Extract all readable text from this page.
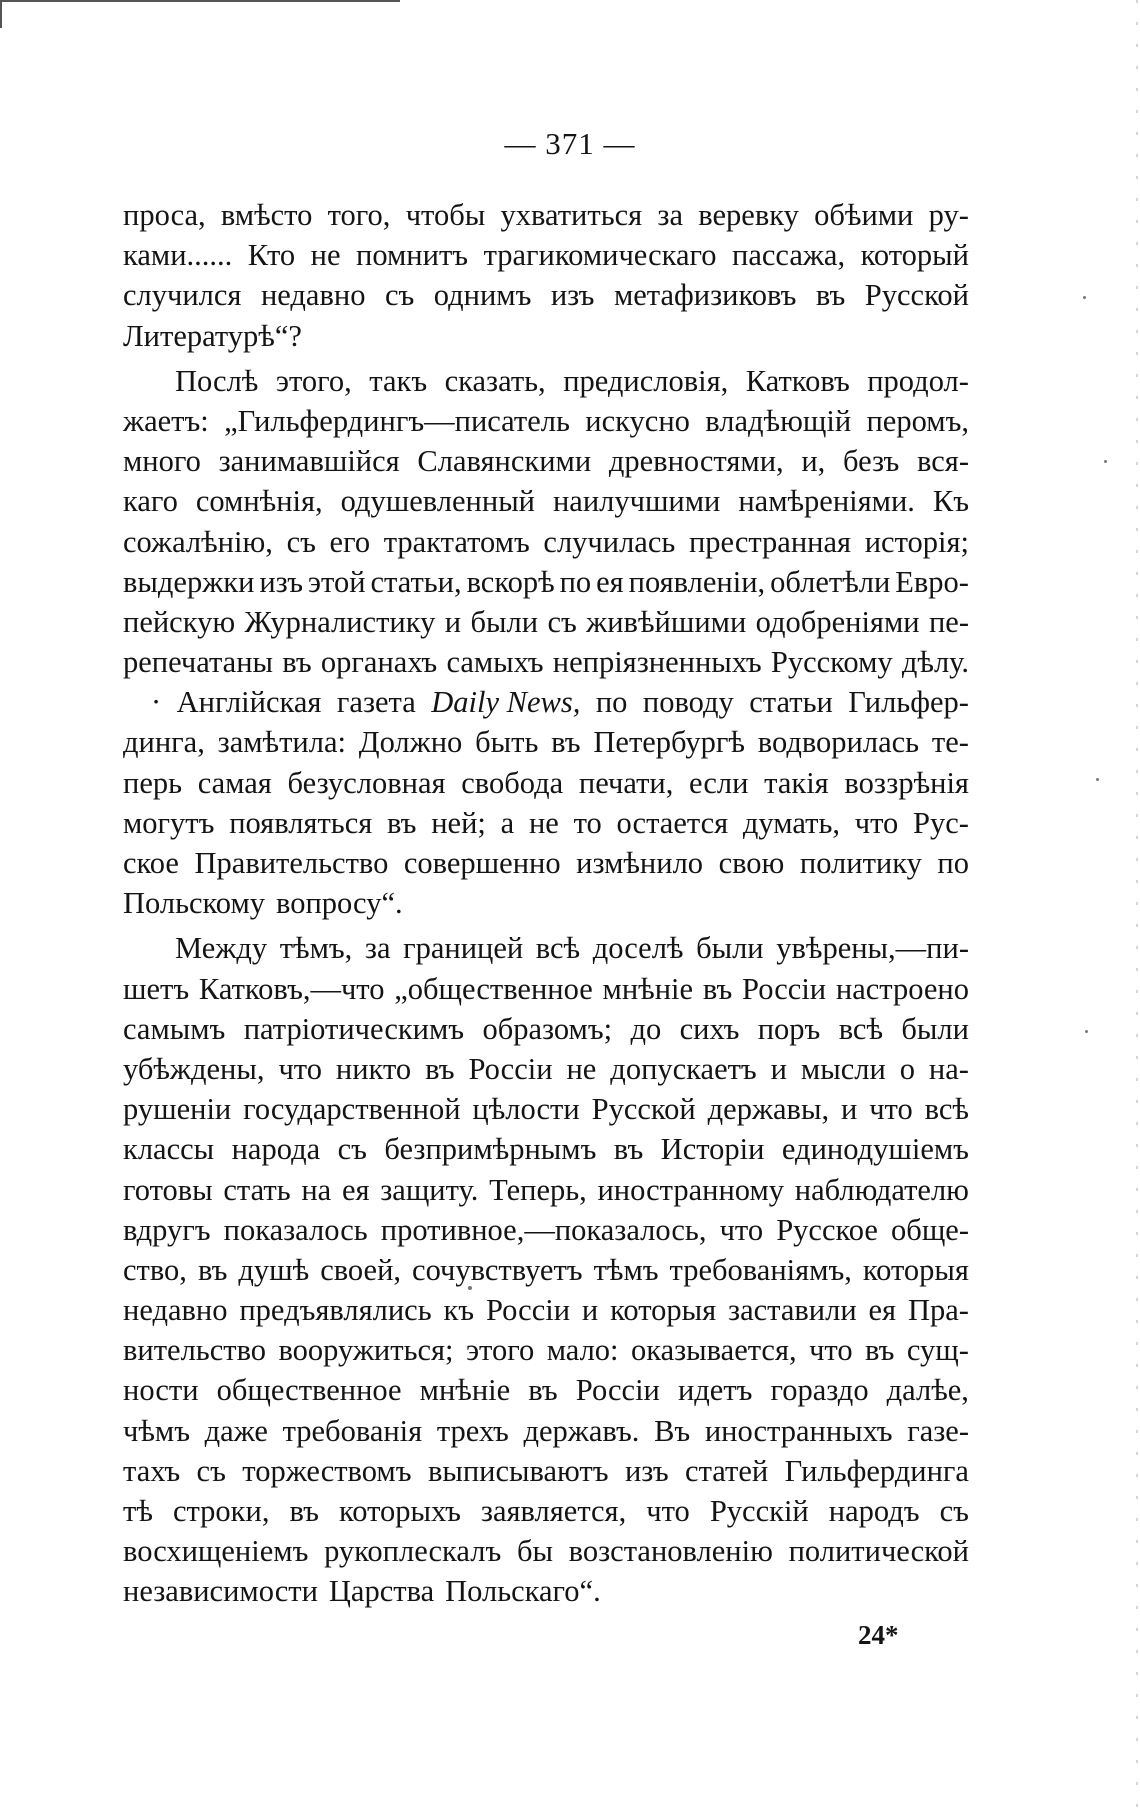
— 371 —
проса, вмѣсто того, чтобы ухватиться за веревку обѣими ру-
ками...... Кто не помнитъ трагикомическаго пассажа, который
случился недавно съ однимъ изъ метафизиковъ въ Русской
Литературѣ“?
Послѣ этого, такъ сказать, предисловія, Катковъ продол-
жаетъ: „Гильфердингъ—писатель искусно владѣющій перомъ,
много занимавшійся Славянскими древностями, и, безъ вся-
каго сомнѣнія, одушевленный наилучшими намѣреніями. Къ
сожалѣнію, съ его трактатомъ случилась престранная исторія;
выдержки изъ этой статьи, вскорѣ по ея появленіи, облетѣли Евро-
пейскую Журналистику и были съ живѣйшими одобреніями пе-
репечатаны въ органахъ самыхъ непріязненныхъ Русскому дѣлу.
· Англійская газета Daily News, по поводу статьи Гильфер-
динга, замѣтила: Должно быть въ Петербургѣ водворилась те-
перь самая безусловная свобода печати, если такія воззрѣнія
могутъ появляться въ ней; а не то остается думать, что Рус-
ское Правительство совершенно измѣнило свою политику по
Польскому вопросу“.
Между тѣмъ, за границей всѣ доселѣ были увѣрены,—пи-
шетъ Катковъ,—что „общественное мнѣніе въ Россіи настроено
самымъ патріотическимъ образомъ; до сихъ поръ всѣ были
убѣждены, что никто въ Россіи не допускаетъ и мысли о на-
рушеніи государственной цѣлости Русской державы, и что всѣ
классы народа съ безпримѣрнымъ въ Исторіи единодушіемъ
готовы стать на ея защиту. Теперь, иностранному наблюдателю
вдругъ показалось противное,—показалось, что Русское обще-
ство, въ душѣ своей, сочувствуетъ тѣмъ требованіямъ, которыя
недавно предъявлялись къ Россіи и которыя заставили ея Пра-
вительство вооружиться; этого мало: оказывается, что въ сущ-
ности общественное мнѣніе въ Россіи идетъ гораздо далѣе,
чѣмъ даже требованія трехъ державъ. Въ иностранныхъ газе-
тахъ съ торжествомъ выписываютъ изъ статей Гильфердинга
тѣ строки, въ которыхъ заявляется, что Русскій народъ съ
восхищеніемъ рукоплескалъ бы возстановленію политической
независимости Царства Польскаго“.
24*
